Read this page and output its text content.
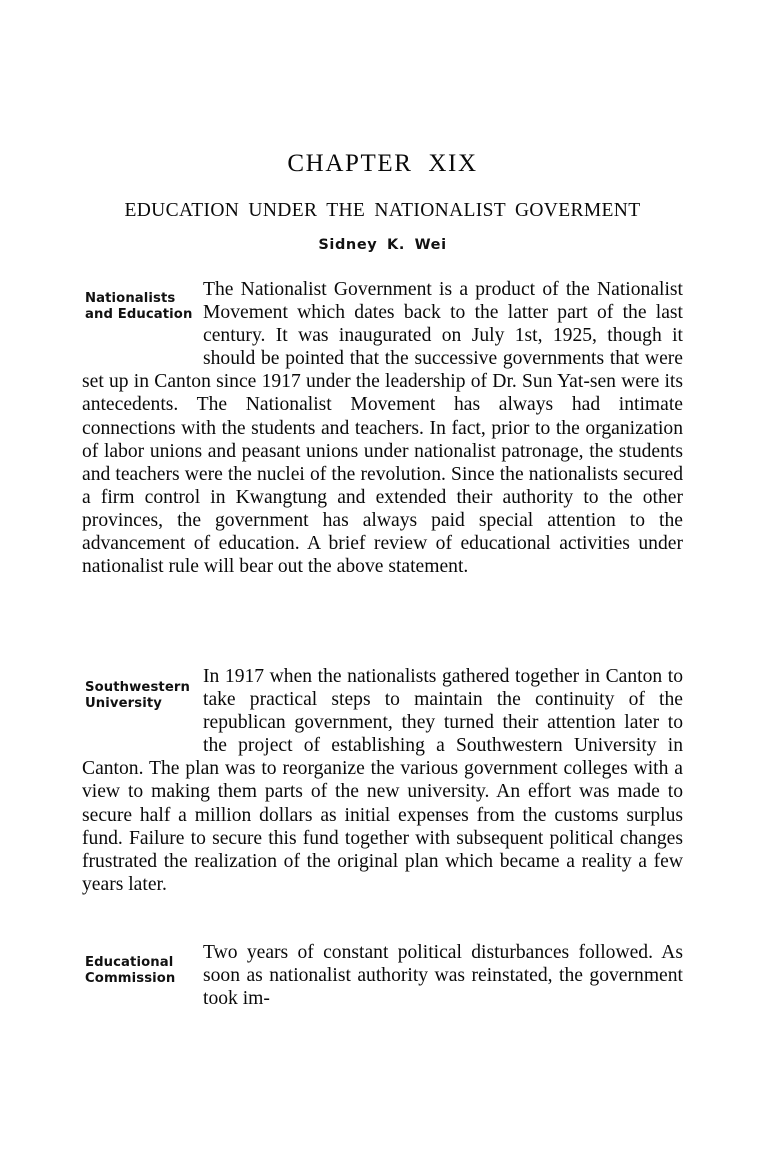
CHAPTER XIX
EDUCATION UNDER THE NATIONALIST GOVERMENT
Sidney K. Wei
The Nationalist Government is a product of the Nationalist Movement which dates back to the latter part of the last century. It was inaugurated on July 1st, 1925, though it should be pointed that the successive governments that were set up in Canton since 1917 under the leadership of Dr. Sun Yat-sen were its antecedents. The Nationalist Movement has always had intimate connections with the students and teachers. In fact, prior to the organization of labor unions and peasant unions under nationalist patronage, the students and teachers were the nuclei of the revolution. Since the nationalists secured a firm control in Kwangtung and extended their authority to the other provinces, the government has always paid special attention to the advancement of education. A brief review of educational activities under nationalist rule will bear out the above statement.
Nationalists
and Education
In 1917 when the nationalists gathered together in Canton to take practical steps to maintain the continuity of the republican government, they turned their attention later to the project of establishing a Southwestern University in Canton. The plan was to reorganize the various government colleges with a view to making them parts of the new university. An effort was made to secure half a million dollars as initial expenses from the customs surplus fund. Failure to secure this fund together with subsequent political changes frustrated the realization of the original plan which became a reality a few years later.
Southwestern
University
Two years of constant political disturbances followed. As soon as nationalist authority was reinstated, the government took im-
Educational
Commission
